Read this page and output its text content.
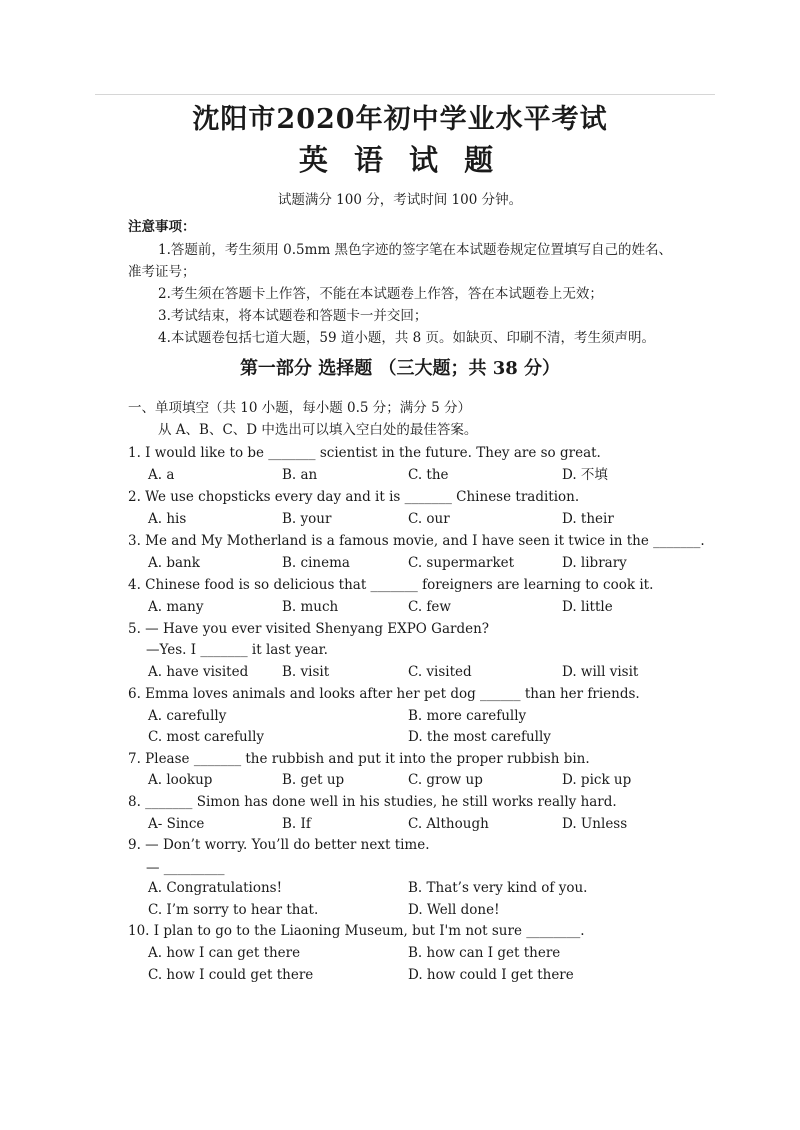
沈阳市2020年初中学业水平考试
英 语 试 题
试题满分 100 分，考试时间 100 分钟。
注意事项：
1.答题前，考生须用 0.5mm 黑色字迹的签字笔在本试题卷规定位置填写自己的姓名、
准考证号；
2.考生须在答题卡上作答，不能在本试题卷上作答，答在本试题卷上无效；
3.考试结束，将本试题卷和答题卡一并交回；
4.本试题卷包括七道大题，59 道小题，共 8 页。如缺页、印刷不清，考生须声明。
第一部分 选择题 （三大题；共 38 分）
一、单项填空（共 10 小题，每小题 0.5 分；满分 5 分）
从 A、B、C、D 中选出可以填入空白处的最佳答案。
1. I would like to be _______ scientist in the future. They are so great.
A. a	B. an	C. the	D. 不填
2. We use chopsticks every day and it is _______ Chinese tradition.
A. his	B. your	C. our	D. their
3. Me and My Motherland is a famous movie, and I have seen it twice in the _______.
A. bank	B. cinema	C. supermarket	D. library
4. Chinese food is so delicious that _______ foreigners are learning to cook it.
A. many	B. much	C. few	D. little
5. — Have you ever visited Shenyang EXPO Garden?
—Yes. I _______ it last year.
A. have visited	B. visit	C. visited	D. will visit
6. Emma loves animals and looks after her pet dog ______ than her friends.
A. carefully	B. more carefully
C. most carefully	D. the most carefully
7. Please _______ the rubbish and put it into the proper rubbish bin.
A. lookup	B. get up	C. grow up	D. pick up
8. _______ Simon has done well in his studies, he still works really hard.
A- Since	B. If	C. Although	D. Unless
9. — Don’t worry. You’ll do better next time.
— _________
A. Congratulations!	B. That’s very kind of you.
C. I’m sorry to hear that.	D. Well done!
10. I plan to go to the Liaoning Museum, but I'm not sure ________.
A. how I can get there	B. how can I get there
C. how I could get there	D. how could I get there
